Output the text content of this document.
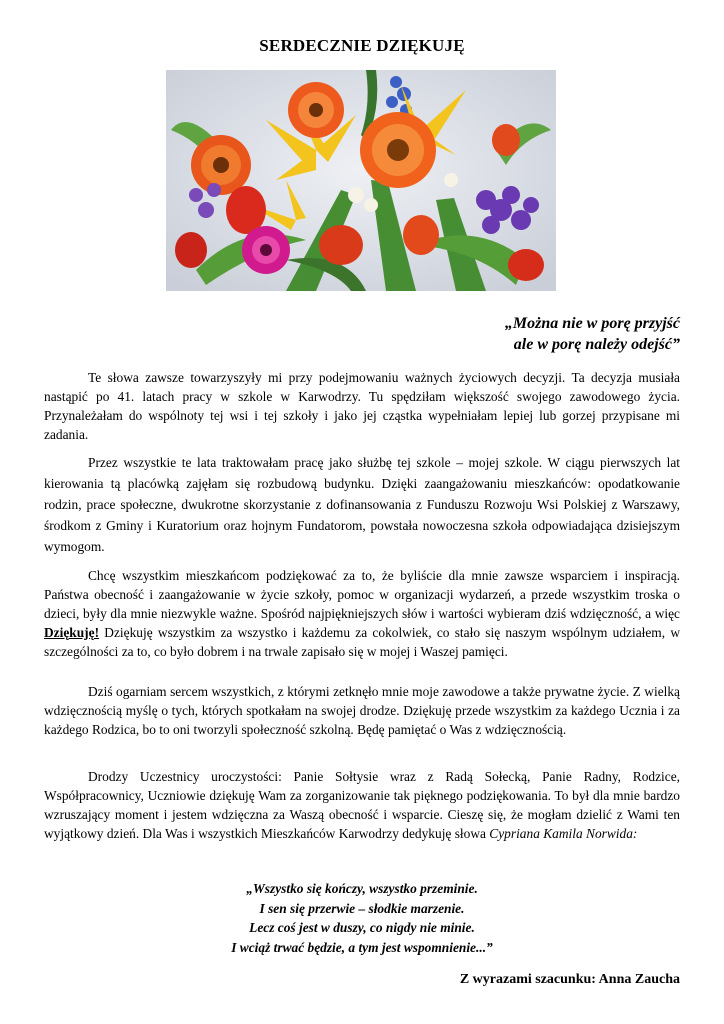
SERDECZNIE DZIĘKUJĘ
„Można nie w porę przyjść
ale w porę należy odejść”

Te słowa zawsze towarzyszyły mi przy podejmowaniu ważnych życiowych decyzji. Ta decyzja musiała nastąpić po 41. latach pracy w szkole w Karwodrzy. Tu spędziłam większość swojego zawodowego życia. Przynależałam do wspólnoty tej wsi i tej szkoły i jako jej cząstka wypełniałam lepiej lub gorzej przypisane mi zadania.

Przez wszystkie te lata traktowałam pracę jako służbę tej szkole – mojej szkole. W ciągu pierwszych lat kierowania tą placówką zajęłam się rozbudową budynku. Dzięki zaangażowaniu mieszkańców: opodatkowanie rodzin, prace społeczne, dwukrotne skorzystanie z dofinansowania z Funduszu Rozwoju Wsi Polskiej z Warszawy, środkom z Gminy i Kuratorium oraz hojnym Fundatorom, powstała nowoczesna szkoła odpowiadająca dzisiejszym wymogom.

Chcę wszystkim mieszkańcom podziękować za to, że byliście dla mnie zawsze wsparciem i inspiracją. Państwa obecność i zaangażowanie w życie szkoły, pomoc w organizacji wydarzeń, a przede wszystkim troska o dzieci, były dla mnie niezwykle ważne. Spośród najpiękniejszych słów i wartości wybieram dziś wdzięczność, a więc Dziękuję! Dziękuję wszystkim za wszystko i każdemu za cokolwiek, co stało się naszym wspólnym udziałem, w szczególności za to, co było dobrem i na trwale zapisało się w mojej i Waszej pamięci.

Dziś ogarniam sercem wszystkich, z którymi zetknęło mnie moje zawodowe a także prywatne życie. Z wielką wdzięcznością myślę o tych, których spotkałam na swojej drodze. Dziękuję przede wszystkim za każdego Ucznia i za każdego Rodzica, bo to oni tworzyli społeczność szkolną. Będę pamiętać o Was z wdzięcznością.

Drodzy Uczestnicy uroczystości: Panie Sołtysie wraz z Radą Sołecką, Panie Radny, Rodzice, Współpracownicy, Uczniowie dziękuję Wam za zorganizowanie tak pięknego podziękowania. To był dla mnie bardzo wzruszający moment i jestem wdzięczna za Waszą obecność i wsparcie. Cieszę się, że mogłam dzielić z Wami ten wyjątkowy dzień. Dla Was i wszystkich Mieszkańców Karwodrzy dedykuję słowa Cypriana Kamila Norwida:

„Wszystko się kończy, wszystko przeminie.
I sen się przerwie – słodkie marzenie.
Lecz coś jest w duszy, co nigdy nie minie.
I wciąż trwać będzie, a tym jest wspomnienie...”
Z wyrazami szacunku: Anna Zaucha
